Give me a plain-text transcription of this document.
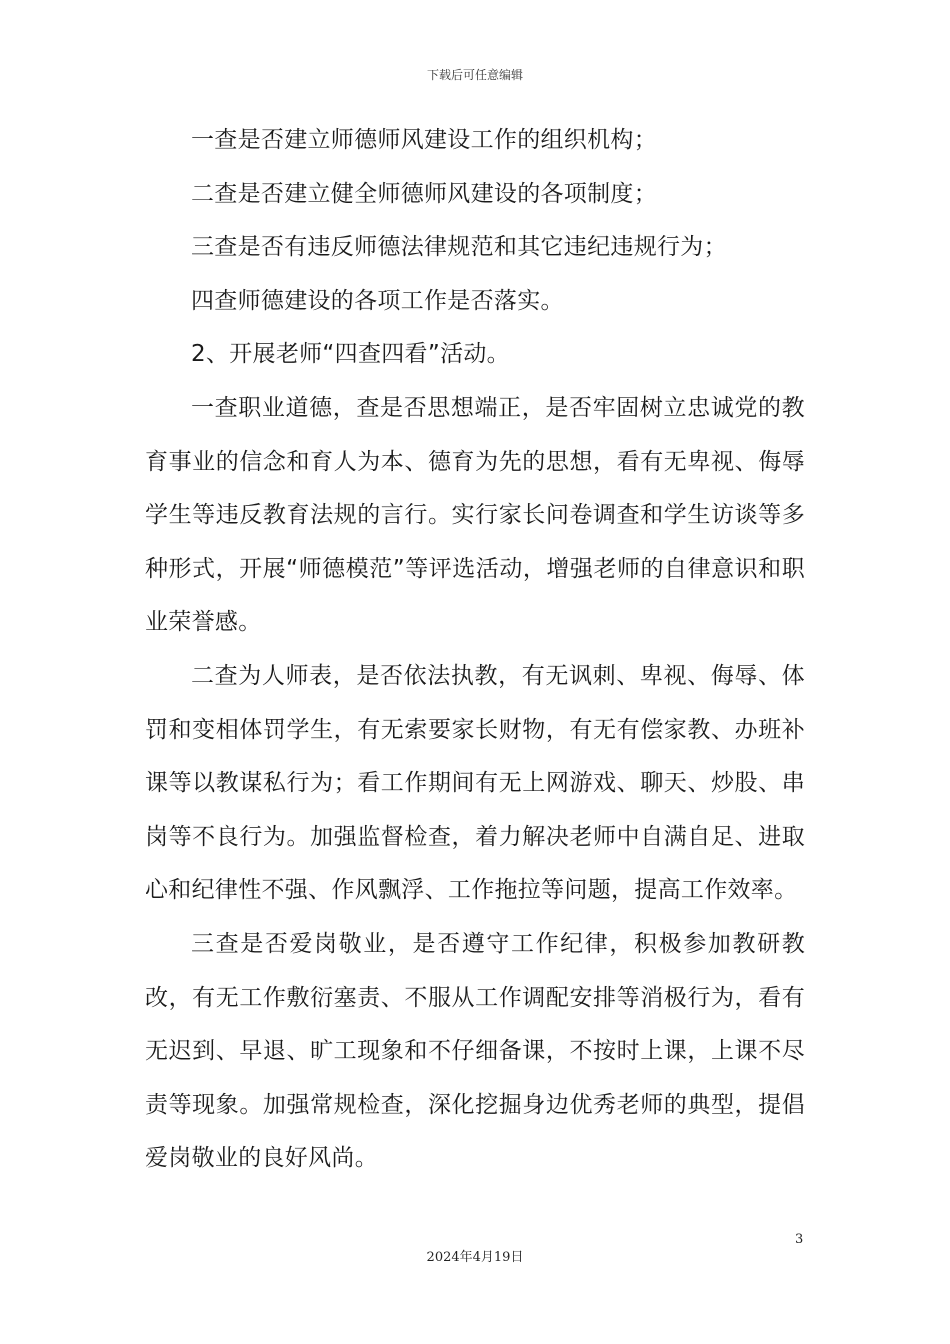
下载后可任意编辑

一查是否建立师德师风建设工作的组织机构；

二查是否建立健全师德师风建设的各项制度；

三查是否有违反师德法律规范和其它违纪违规行为；

四查师德建设的各项工作是否落实。

2、开展老师“四查四看”活动。

一查职业道德，查是否思想端正，是否牢固树立忠诚党的教育事业的信念和育人为本、德育为先的思想，看有无卑视、侮辱学生等违反教育法规的言行。实行家长问卷调查和学生访谈等多种形式，开展“师德模范”等评选活动，增强老师的自律意识和职业荣誉感。

二查为人师表，是否依法执教，有无讽刺、卑视、侮辱、体罚和变相体罚学生，有无索要家长财物，有无有偿家教、办班补课等以教谋私行为；看工作期间有无上网游戏、聊天、炒股、串岗等不良行为。加强监督检查，着力解决老师中自满自足、进取心和纪律性不强、作风飘浮、工作拖拉等问题，提高工作效率。

三查是否爱岗敬业，是否遵守工作纪律，积极参加教研教改，有无工作敷衍塞责、不服从工作调配安排等消极行为，看有无迟到、早退、旷工现象和不仔细备课，不按时上课，上课不尽责等现象。加强常规检查，深化挖掘身边优秀老师的典型，提倡爱岗敬业的良好风尚。

3
2024年4月19日
